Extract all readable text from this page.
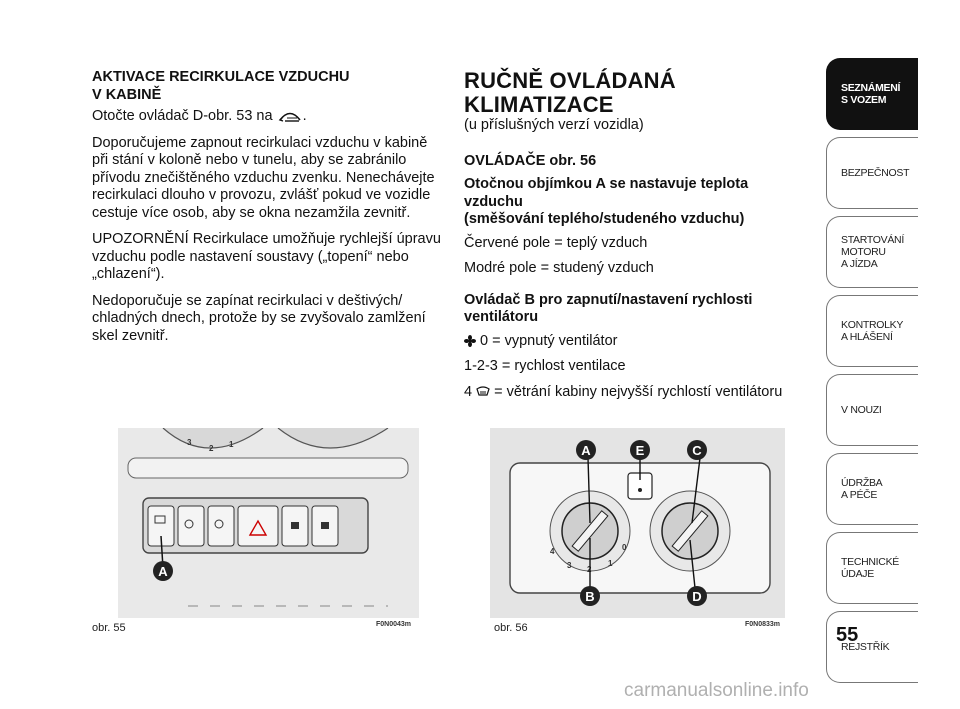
AKTIVACE RECIRKULACE VZDUCHU
V KABINĚ

Otočte ovládač D-obr. 53 na .

Doporučujeme zapnout recirkulaci vzduchu v kabině při stání v koloně nebo v tunelu, aby se zabránilo přívodu znečištěného vzduchu zvenku. Nenechávejte recirkulaci dlouho v provozu, zvlášť pokud ve vozidle cestuje více osob, aby se okna nezamžila zevnitř.

UPOZORNĚNÍ Recirkulace umožňuje rychlejší úpravu vzduchu podle nastavení soustavy („topení“ nebo „chlazení“).

Nedoporučuje se zapínat recirkulaci v deštivých/ chladných dnech, protože by se zvyšovalo zamlžení skel zevnitř.

RUČNĚ OVLÁDANÁ KLIMATIZACE

(u příslušných verzí vozidla)

OVLÁDAČE obr. 56

Otočnou objímkou A se nastavuje teplota vzduchu
(směšování teplého/studeného vzduchu)

Červené pole = teplý vzduch

Modré pole = studený vzduch

Ovládač B pro zapnutí/nastavení rychlosti ventilátoru

0 = vypnutý ventilátor

1-2-3 = rychlost ventilace

4 = větrání kabiny nejvyšší rychlostí ventilátoru

SEZNÁMENÍ
S VOZEM
BEZPEČNOST
STARTOVÁNÍ
MOTORU
A JÍZDA
KONTROLKY
A HLÁŠENÍ
V NOUZI
ÚDRŽBA
A PÉČE
TECHNICKÉ
ÚDAJE
REJSTŘÍK
55
A
3
2 1
obr. 55	F0N0043m
4
3 2
1
0
A	E	C
B	D
obr. 56	F0N0833m
carmanualsonline.info
